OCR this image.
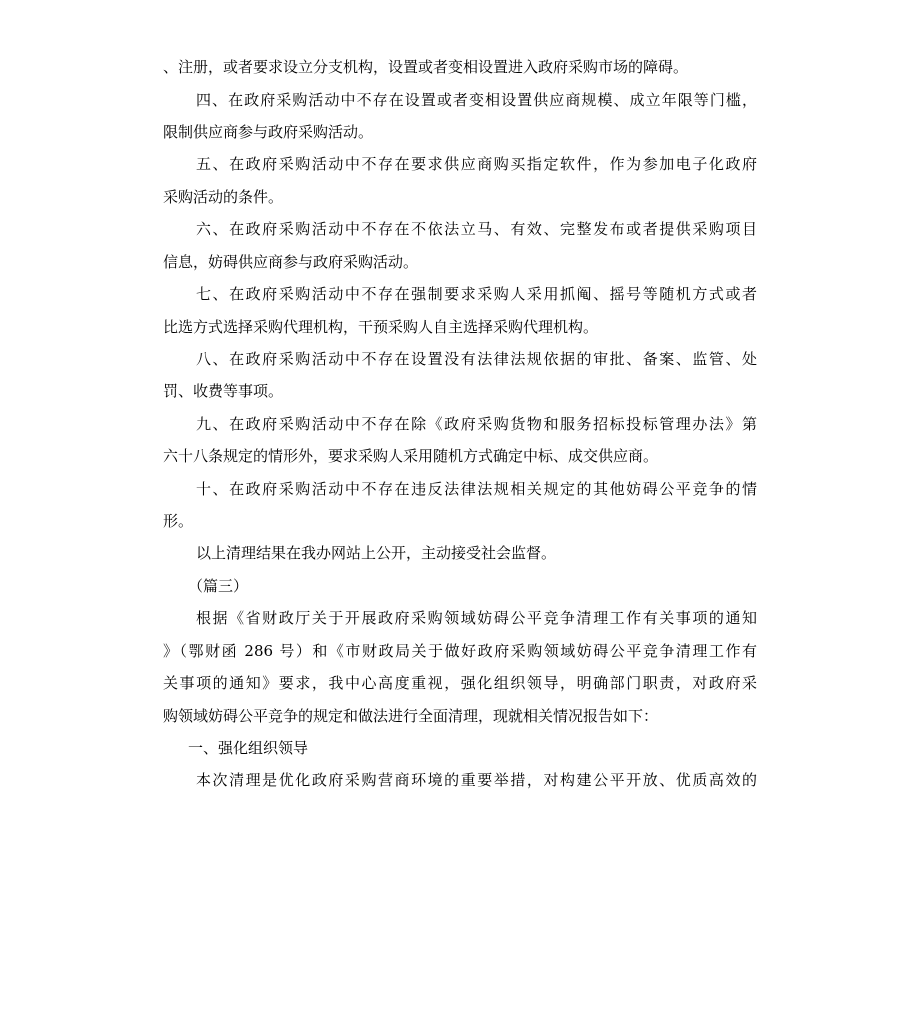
、注册，或者要求设立分支机构，设置或者变相设置进入政府采购市场的障碍。
四、在政府采购活动中不存在设置或者变相设置供应商规模、成立年限等门槛，
限制供应商参与政府采购活动。
五、在政府采购活动中不存在要求供应商购买指定软件，作为参加电子化政府
采购活动的条件。
六、在政府采购活动中不存在不依法立马、有效、完整发布或者提供采购项目
信息，妨碍供应商参与政府采购活动。
七、在政府采购活动中不存在强制要求采购人采用抓阄、摇号等随机方式或者
比选方式选择采购代理机构，干预采购人自主选择采购代理机构。
八、在政府采购活动中不存在设置没有法律法规依据的审批、备案、监管、处
罚、收费等事项。
九、在政府采购活动中不存在除《政府采购货物和服务招标投标管理办法》第
六十八条规定的情形外，要求采购人采用随机方式确定中标、成交供应商。
十、在政府采购活动中不存在违反法律法规相关规定的其他妨碍公平竞争的情
形。
以上清理结果在我办网站上公开，主动接受社会监督。
（篇三）
根据《省财政厅关于开展政府采购领域妨碍公平竞争清理工作有关事项的通知
》（鄂财函 286 号）和《市财政局关于做好政府采购领域妨碍公平竞争清理工作有
关事项的通知》要求，我中心高度重视，强化组织领导，明确部门职责，对政府采
购领域妨碍公平竞争的规定和做法进行全面清理，现就相关情况报告如下：
一、强化组织领导
本次清理是优化政府采购营商环境的重要举措，对构建公平开放、优质高效的
